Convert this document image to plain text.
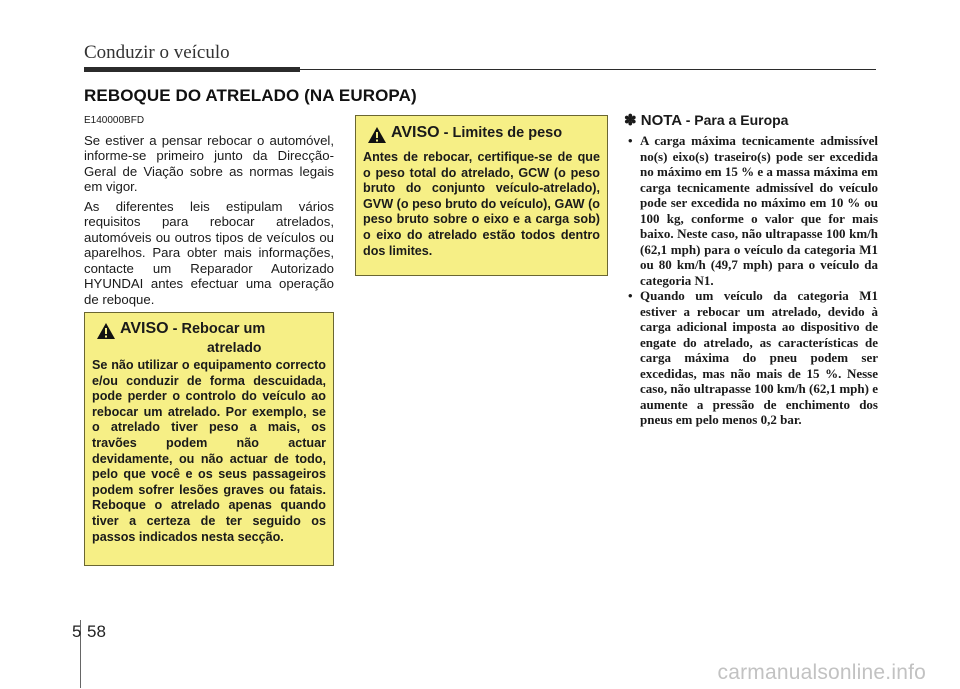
Conduzir o veículo
REBOQUE DO ATRELADO (NA EUROPA)
E140000BFD

Se estiver a pensar rebocar o automóvel, informe-se primeiro junto da Direcção-Geral de Viação sobre as normas legais em vigor.

As diferentes leis estipulam vários requisitos para rebocar atrelados, automóveis ou outros tipos de veículos ou aparelhos. Para obter mais informações, contacte um Reparador Autorizado HYUNDAI antes efectuar uma operação de reboque.

AVISO - Rebocar um
atrelado
Se não utilizar o equipamento correcto e/ou conduzir de forma descuidada, pode perder o controlo do veículo ao rebocar um atrelado. Por exemplo, se o atrelado tiver peso a mais, os travões podem não actuar devidamente, ou não actuar de todo, pelo que você e os seus passageiros podem sofrer lesões graves ou fatais. Reboque o atrelado apenas quando tiver a certeza de ter seguido os passos indicados nesta secção.
AVISO - Limites de peso
Antes de rebocar, certifique-se de que o peso total do atrelado, GCW (o peso bruto do conjunto veículo-atrelado), GVW (o peso bruto do veículo), GAW (o peso bruto sobre o eixo e a carga sob) o eixo do atrelado estão todos dentro dos limites.
✽ NOTA - Para a Europa
• A carga máxima tecnicamente admissível no(s) eixo(s) traseiro(s) pode ser excedida no máximo em 15 % e a massa máxima em carga tecnicamente admissível do veículo pode ser excedida no máximo em 10 % ou 100 kg, conforme o valor que for mais baixo. Neste caso, não ultrapasse 100 km/h (62,1 mph) para o veículo da categoria M1 ou 80 km/h (49,7 mph) para o veículo da categoria N1.
• Quando um veículo da categoria M1 estiver a rebocar um atrelado, devido à carga adicional imposta ao dispositivo de engate do atrelado, as características de carga máxima do pneu podem ser excedidas, mas não mais de 15 %. Nesse caso, não ultrapasse 100 km/h (62,1 mph) e aumente a pressão de enchimento dos pneus em pelo menos 0,2 bar.
5 58
carmanualsonline.info
